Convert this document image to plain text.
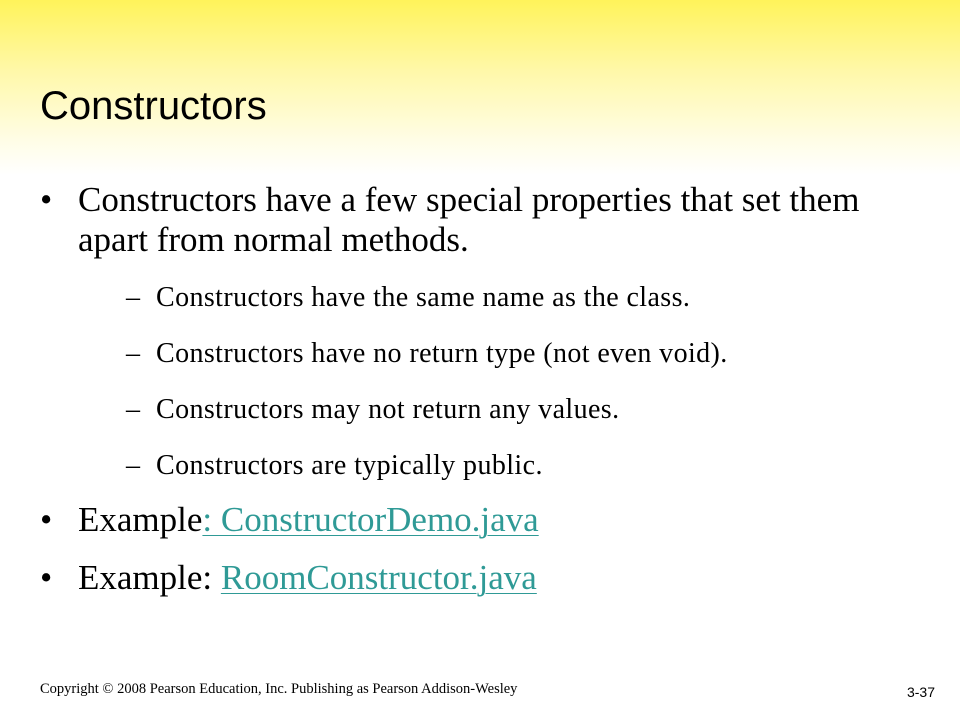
Constructors
• Constructors have a few special properties that set them apart from normal methods.
– Constructors have the same name as the class.
– Constructors have no return type (not even void).
– Constructors may not return any values.
– Constructors are typically public.
• Example: ConstructorDemo.java
• Example: RoomConstructor.java
Copyright © 2008 Pearson Education, Inc. Publishing as Pearson Addison-Wesley	3-37
